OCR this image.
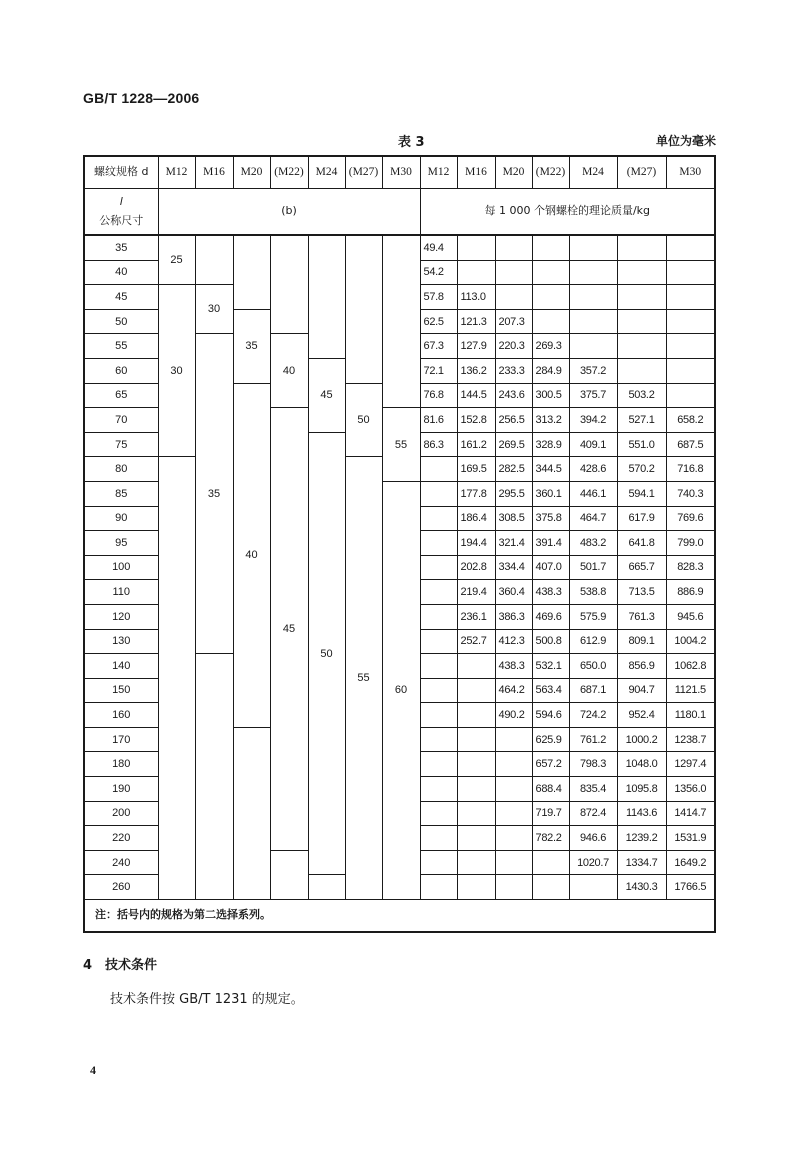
GB/T 1228—2006
表 3	单位为毫米
螺纹规格 d	M12	M16	M20	(M22)	M24	(M27)	M30	M12	M16	M20	(M22)	M24	(M27)	M30

l
公称尺寸	(b)							每 1 000 个钢螺栓的理论质量/kg						
35	25							49.4						
40								54.2						
45	30	30						57.8	113.0					
50			35					62.5	121.3	207.3				
55		35		40				67.3	127.9	220.3	269.3			
60					45			72.1	136.2	233.3	284.9	357.2		
65			40			50		76.8	144.5	243.6	300.5	375.7	503.2	
70				45			55	81.6	152.8	256.5	313.2	394.2	527.1	658.2
75					50			86.3	161.2	269.5	328.9	409.1	551.0	687.5
80						55			169.5	282.5	344.5	428.6	570.2	716.8
85							60		177.8	295.5	360.1	446.1	594.1	740.3
90									186.4	308.5	375.8	464.7	617.9	769.6
95									194.4	321.4	391.4	483.2	641.8	799.0
100									202.8	334.4	407.0	501.7	665.7	828.3
110									219.4	360.4	438.3	538.8	713.5	886.9
120									236.1	386.3	469.6	575.9	761.3	945.6
130									252.7	412.3	500.8	612.9	809.1	1004.2
140										438.3	532.1	650.0	856.9	1062.8
150										464.2	563.4	687.1	904.7	1121.5
160										490.2	594.6	724.2	952.4	1180.1
170											625.9	761.2	1000.2	1238.7
180											657.2	798.3	1048.0	1297.4
190											688.4	835.4	1095.8	1356.0
200											719.7	872.4	1143.6	1414.7
220											782.2	946.6	1239.2	1531.9
240												1020.7	1334.7	1649.2
260													1430.3	1766.5
注：括号内的规格为第二选择系列。														
4 技术条件
技术条件按 GB/T 1231 的规定。
4
